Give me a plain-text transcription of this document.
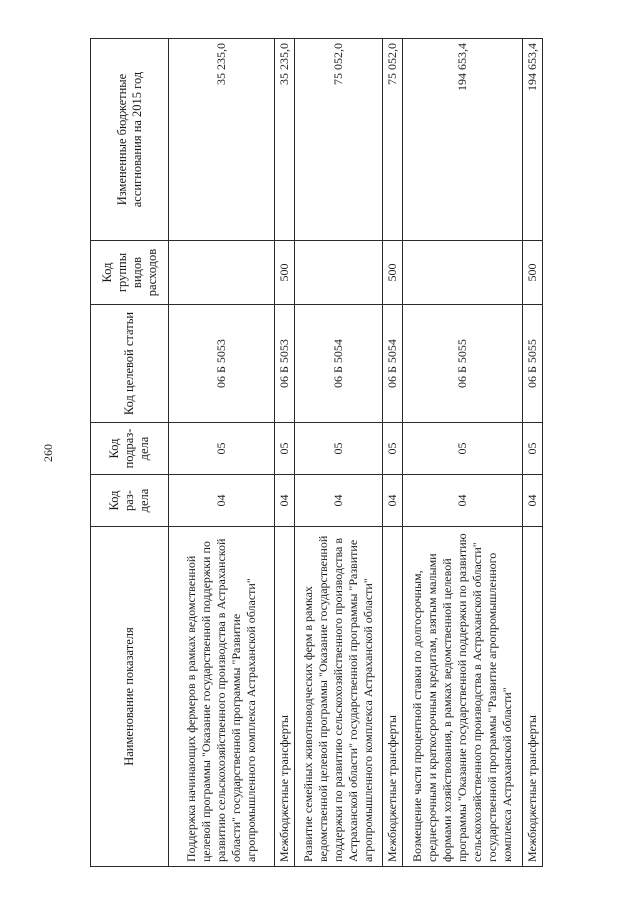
260
Наименование показателя	Код раз-дела	Код подраз-дела	Код целевой статьи	Код группы видов расходов	Измененные бюджетные ассигнования на 2015 год
Поддержка начинающих фермеров в рамках ведомственной целевой программы "Оказание государственной поддержки по развитию сельскохозяйственного производства в Астраханской области" государственной программы "Развитие агропромышленного комплекса Астраханской области"	04	05	06 Б 5053		35 235,0
Межбюджетные трансферты	04	05	06 Б 5053	500	35 235,0
Развитие семейных животноводческих ферм в рамках ведомственной целевой программы "Оказание государственной поддержки по развитию сельскохозяйственного производства в Астраханской области" государственной программы "Развитие агропромышленного комплекса Астраханской области"	04	05	06 Б 5054		75 052,0
Межбюджетные трансферты	04	05	06 Б 5054	500	75 052,0
Возмещение части процентной ставки по долгосрочным, среднесрочным и краткосрочным кредитам, взятым малыми формами хозяйствования, в рамках ведомственной целевой программы "Оказание государственной поддержки по развитию сельскохозяйственного производства в Астраханской области" государственной программы "Развитие агропромышленного комплекса Астраханской области"	04	05	06 Б 5055		194 653,4
Межбюджетные трансферты	04	05	06 Б 5055	500	194 653,4
